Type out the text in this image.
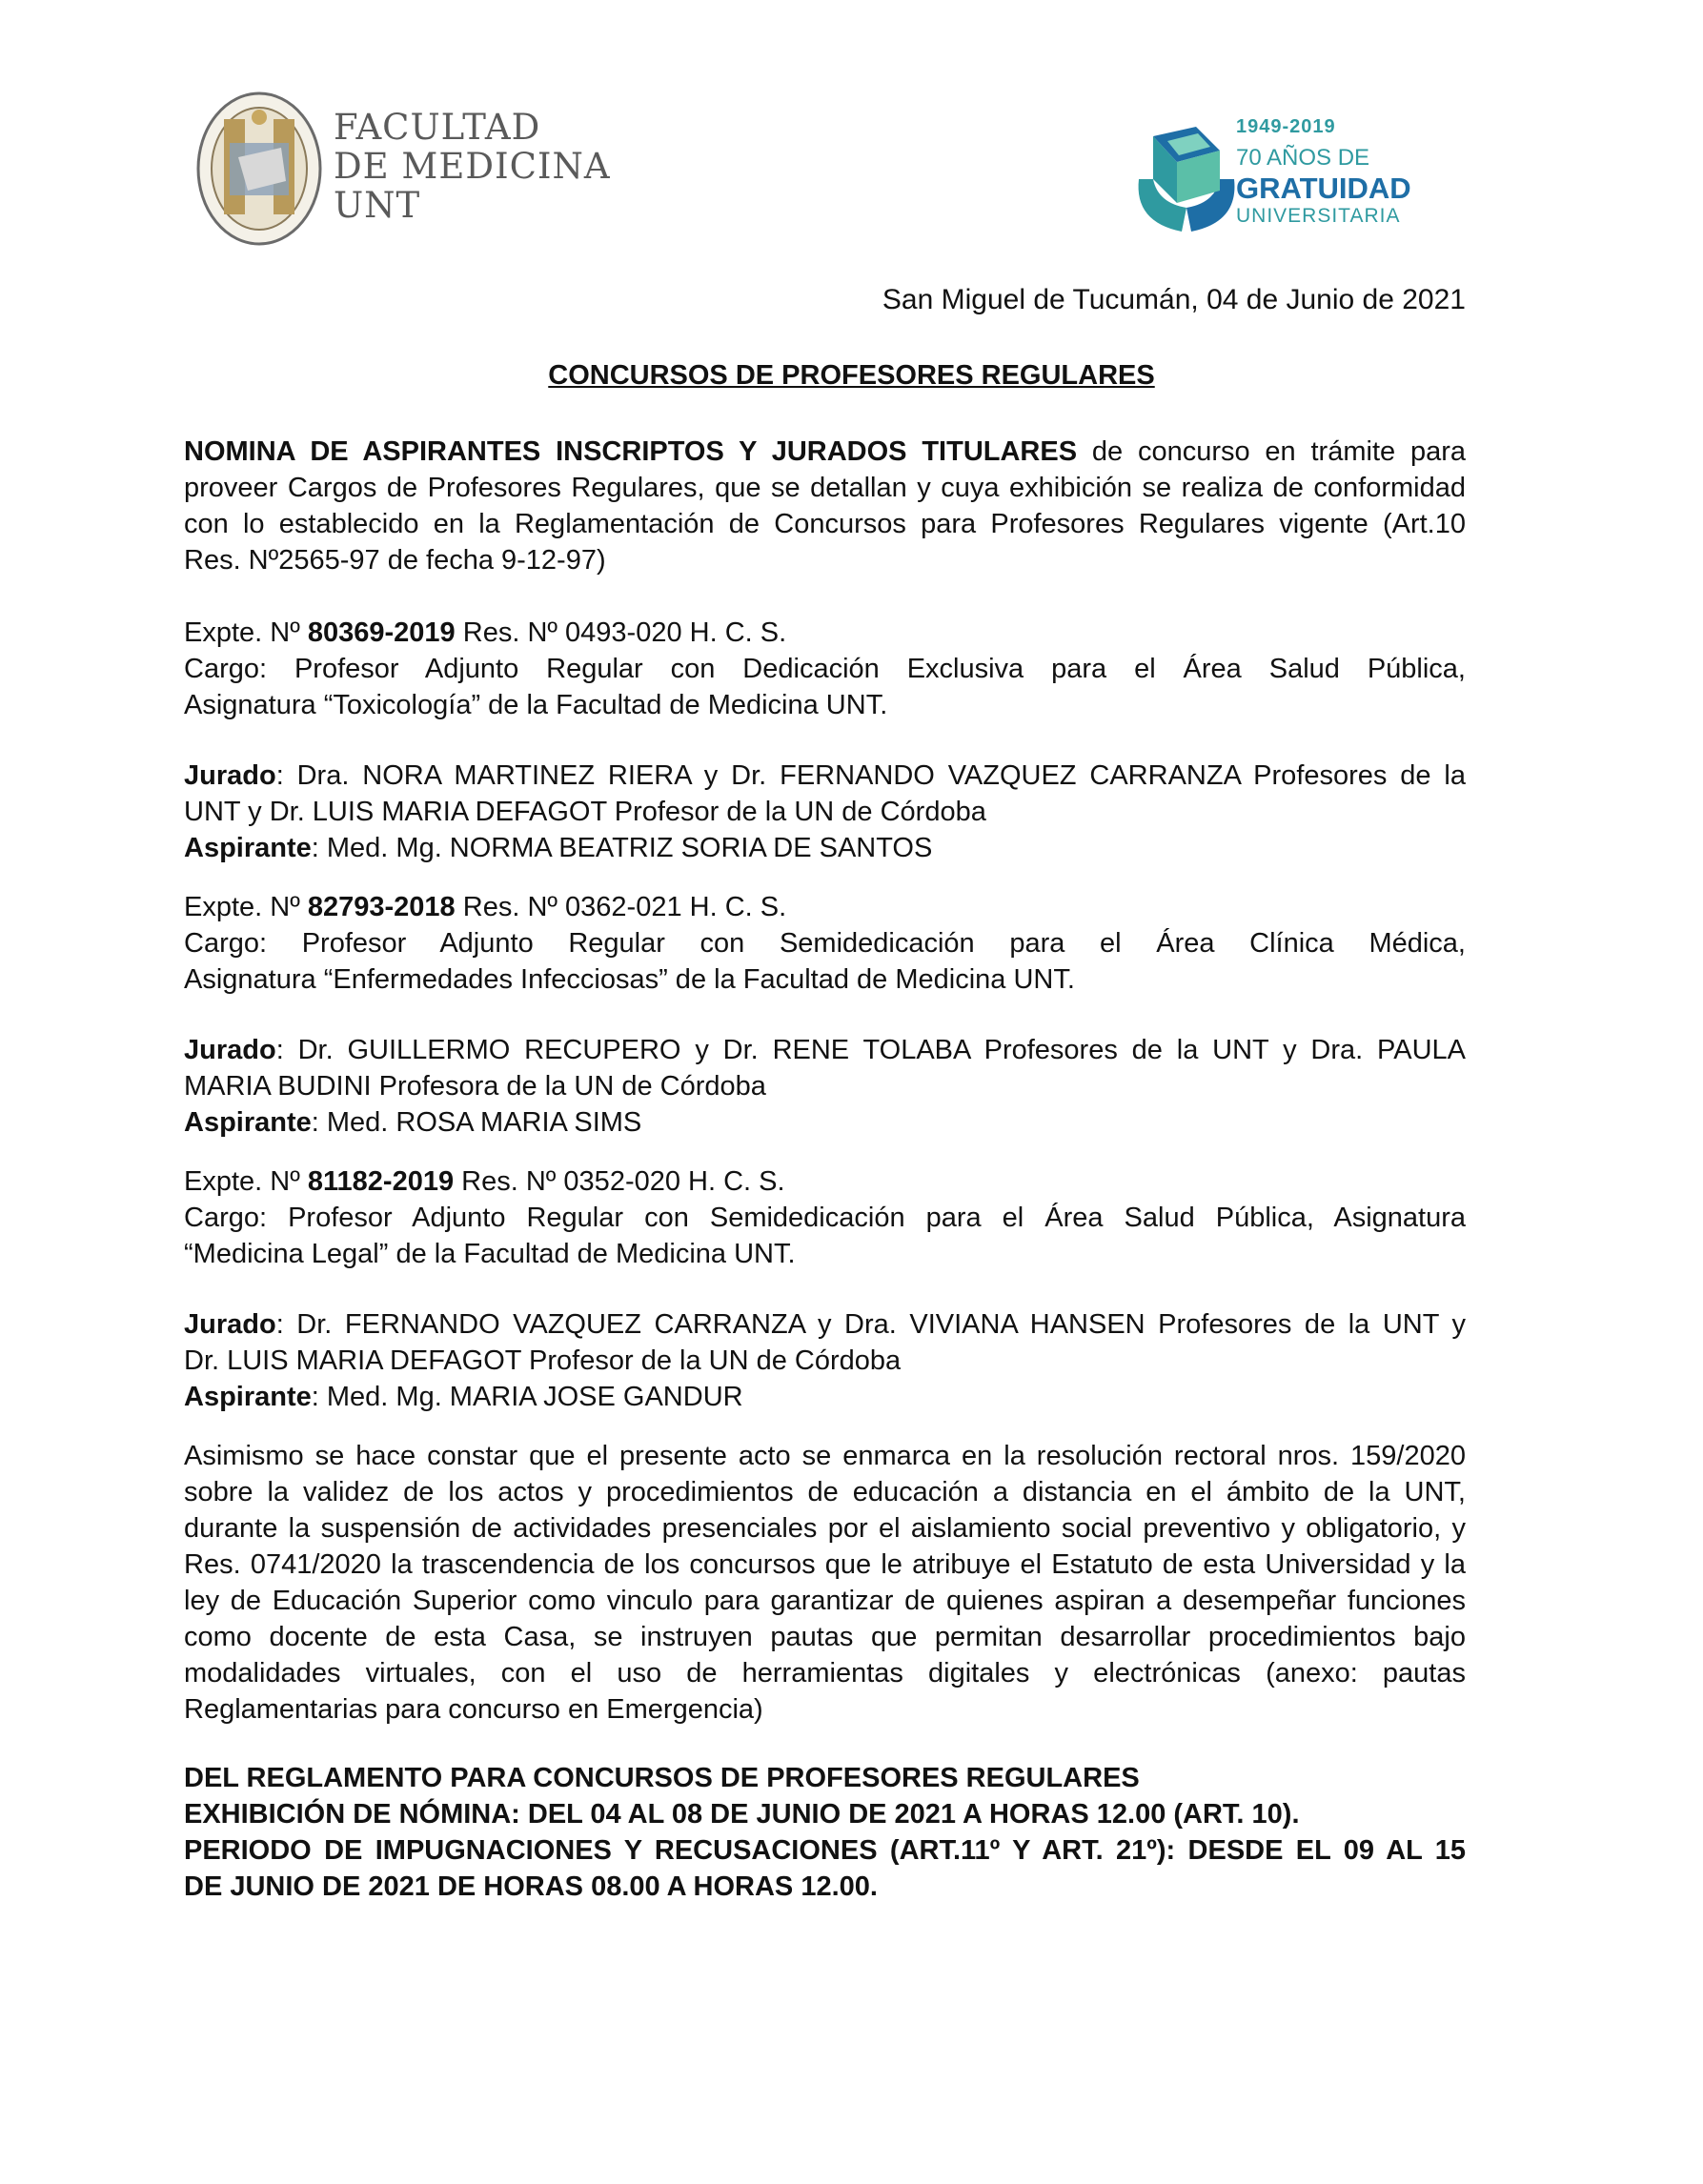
FACULTAD
DE MEDICINA
UNT
1949-2019
70 AÑOS DE
GRATUIDAD
UNIVERSITARIA
San Miguel de Tucumán, 04 de Junio de 2021
CONCURSOS DE PROFESORES REGULARES
NOMINA DE ASPIRANTES INSCRIPTOS Y JURADOS TITULARES de concurso en trámite para
proveer Cargos de Profesores Regulares, que se detallan y cuya exhibición se realiza de conformidad
con lo establecido en la Reglamentación de Concursos para Profesores Regulares vigente (Art.10
Res. Nº2565-97 de fecha 9-12-97)
Expte. Nº 80369-2019 Res. Nº 0493-020 H. C. S.
Cargo: Profesor Adjunto Regular con Dedicación Exclusiva para el Área Salud Pública,
Asignatura “Toxicología” de la Facultad de Medicina UNT.
Jurado: Dra. NORA MARTINEZ RIERA y Dr. FERNANDO VAZQUEZ CARRANZA Profesores de la
UNT y Dr. LUIS MARIA DEFAGOT Profesor de la UN de Córdoba
Aspirante: Med. Mg. NORMA BEATRIZ SORIA DE SANTOS
Expte. Nº 82793-2018 Res. Nº 0362-021 H. C. S.
Cargo: Profesor Adjunto Regular con Semidedicación para el Área Clínica Médica,
Asignatura “Enfermedades Infecciosas” de la Facultad de Medicina UNT.
Jurado: Dr. GUILLERMO RECUPERO y Dr. RENE TOLABA Profesores de la UNT y Dra. PAULA
MARIA BUDINI Profesora de la UN de Córdoba
Aspirante: Med. ROSA MARIA SIMS
Expte. Nº 81182-2019 Res. Nº 0352-020 H. C. S.
Cargo: Profesor Adjunto Regular con Semidedicación para el Área Salud Pública, Asignatura
“Medicina Legal” de la Facultad de Medicina UNT.
Jurado: Dr. FERNANDO VAZQUEZ CARRANZA y Dra. VIVIANA HANSEN Profesores de la UNT y
Dr. LUIS MARIA DEFAGOT Profesor de la UN de Córdoba
Aspirante: Med. Mg. MARIA JOSE GANDUR
Asimismo se hace constar que el presente acto se enmarca en la resolución rectoral nros. 159/2020
sobre la validez de los actos y procedimientos de educación a distancia en el ámbito de la UNT,
durante la suspensión de actividades presenciales por el aislamiento social preventivo y obligatorio, y
Res. 0741/2020 la trascendencia de los concursos que le atribuye el Estatuto de esta Universidad y la
ley de Educación Superior como vinculo para garantizar de quienes aspiran a desempeñar funciones
como docente de esta Casa, se instruyen pautas que permitan desarrollar procedimientos bajo
modalidades virtuales, con el uso de herramientas digitales y electrónicas (anexo: pautas
Reglamentarias para concurso en Emergencia)
DEL REGLAMENTO PARA CONCURSOS DE PROFESORES REGULARES
EXHIBICIÓN DE NÓMINA: DEL 04 AL 08 DE JUNIO DE 2021 A HORAS 12.00 (ART. 10).
PERIODO DE IMPUGNACIONES Y RECUSACIONES (ART.11º Y ART. 21º): DESDE EL 09 AL 15
DE JUNIO DE 2021 DE HORAS 08.00 A HORAS 12.00.
